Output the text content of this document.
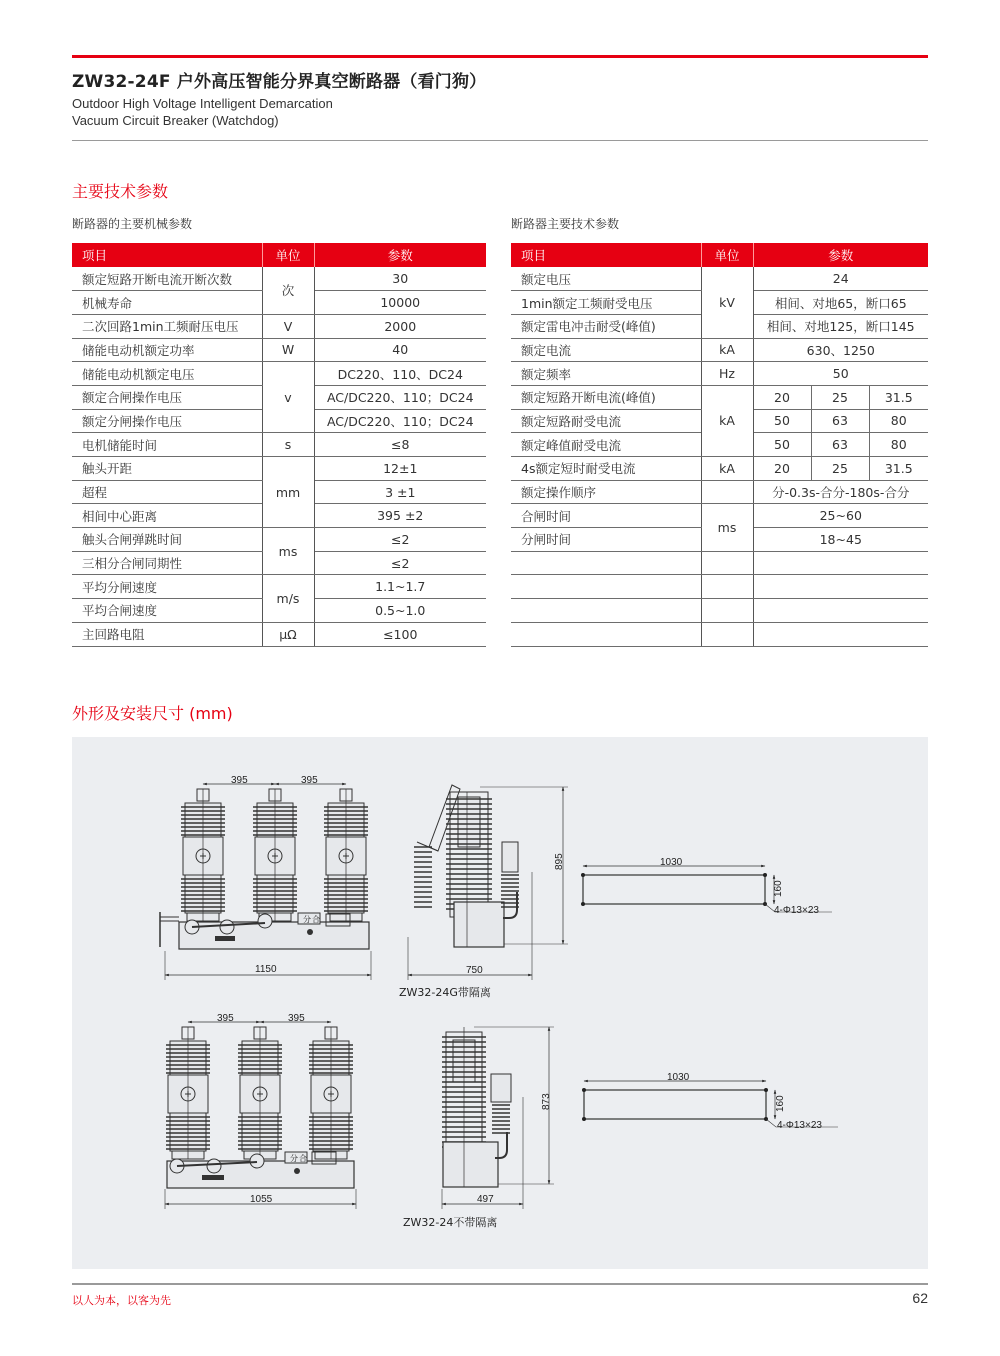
ZW32-24F 户外高压智能分界真空断路器（看门狗）
Outdoor High Voltage Intelligent Demarcation
Vacuum Circuit Breaker (Watchdog)
主要技术参数
断路器的主要机械参数	断路器主要技术参数
项目	单位	参数
额定短路开断电流开断次数	次	30
机械寿命		10000
二次回路1min工频耐压电压	V	2000
储能电动机额定功率	W	40
储能电动机额定电压	v	DC220、110、DC24
额定合闸操作电压		AC/DC220、110；DC24
额定分闸操作电压		AC/DC220、110；DC24
电机储能时间	s	≤8
触头开距	mm	12±1
超程		3 ±1
相间中心距离		395 ±2
触头合闸弹跳时间	ms	≤2
三相分合闸同期性		≤2
平均分闸速度	m/s	1.1~1.7
平均合闸速度		0.5~1.0
主回路电阻	μΩ	≤100
项目	单位	参数		
额定电压	kV	24		
1min额定工频耐受电压		相间、对地65，断口65		
额定雷电冲击耐受(峰值)		相间、对地125，断口145		
额定电流	kA	630、1250		
额定频率	Hz	50		
额定短路开断电流(峰值)	kA	20	25	31.5
额定短路耐受电流		50	63	80
额定峰值耐受电流		50	63	80
4s额定短时耐受电流	kA	20	25	31.5
额定操作顺序		分-0.3s-合分-180s-合分		
合闸时间	ms	25~60		
分闸时间		18~45		

外形及安装尺寸 (mm)
分 合
395	395
1150
895
750
ZW32-24G带隔离
1030
160
4-Φ13×23
分 合
395	395
1055
873
497
ZW32-24不带隔离
1030
160
4-Φ13×23
以人为本，以客为先	62
